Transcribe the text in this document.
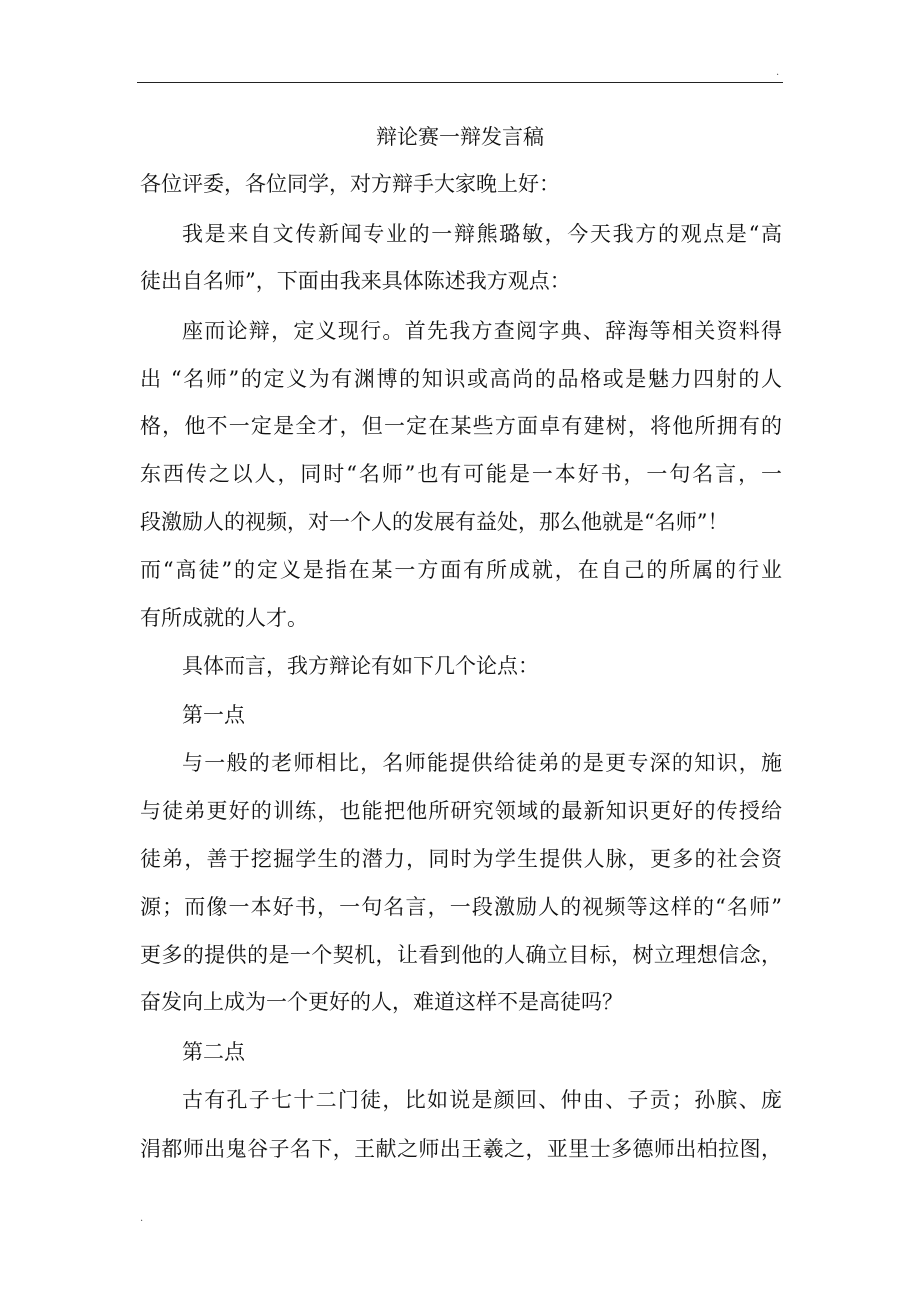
.
辩论赛一辩发言稿
各位评委，各位同学，对方辩手大家晚上好：
我是来自文传新闻专业的一辩熊璐敏，今天我方的观点是“高
徒出自名师”，下面由我来具体陈述我方观点：
座而论辩，定义现行。首先我方查阅字典、辞海等相关资料得
出 “名师”的定义为有渊博的知识或高尚的品格或是魅力四射的人
格，他不一定是全才，但一定在某些方面卓有建树，将他所拥有的
东西传之以人，同时“名师”也有可能是一本好书，一句名言，一
段激励人的视频，对一个人的发展有益处，那么他就是“名师”！
而“高徒”的定义是指在某一方面有所成就，在自己的所属的行业
有所成就的人才。
具体而言，我方辩论有如下几个论点：
第一点
与一般的老师相比，名师能提供给徒弟的是更专深的知识，施
与徒弟更好的训练，也能把他所研究领域的最新知识更好的传授给
徒弟，善于挖掘学生的潜力，同时为学生提供人脉，更多的社会资
源；而像一本好书，一句名言，一段激励人的视频等这样的“名师”
更多的提供的是一个契机，让看到他的人确立目标，树立理想信念，
奋发向上成为一个更好的人，难道这样不是高徒吗？
第二点
古有孔子七十二门徒，比如说是颜回、仲由、子贡；孙膑、庞
涓都师出鬼谷子名下，王献之师出王羲之，亚里士多德师出柏拉图，
.
